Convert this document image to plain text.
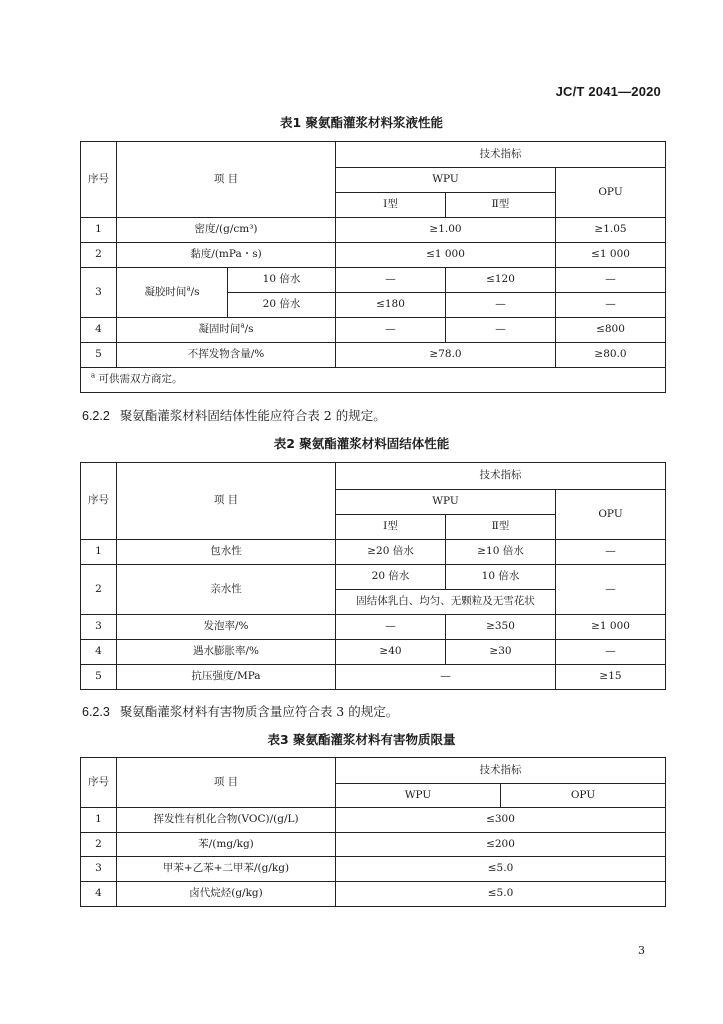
JC/T 2041—2020
表1 聚氨酯灌浆材料浆液性能
序号	项 目		技术指标		
			WPU		OPU
			Ⅰ型	Ⅱ型	
1	密度/(g/cm³)		≥1.00		≥1.05
2	黏度/(mPa・s)		≤1 000		≤1 000
3	凝胶时间$^a$/s	10 倍水	—	≤120	—
		20 倍水	≤180	—	—
4	凝固时间$^a$/s		—	—	≤800
5	不挥发物含量/%		≥78.0		≥80.0
$^a$ 可供需双方商定。					
6.2.2 聚氨酯灌浆材料固结体性能应符合表 2 的规定。
表2 聚氨酯灌浆材料固结体性能
序号	项 目	技术指标		
		WPU		OPU
		Ⅰ型	Ⅱ型	
1	包水性	≥20 倍水	≥10 倍水	—
2	亲水性	20 倍水	10 倍水	—
		固结体乳白、均匀、无颗粒及无雪花状		
3	发泡率/%	—	≥350	≥1 000
4	遇水膨胀率/%	≥40	≥30	—
5	抗压强度/MPa	—		≥15
6.2.3 聚氨酯灌浆材料有害物质含量应符合表 3 的规定。
表3 聚氨酯灌浆材料有害物质限量
序号	项 目	技术指标	
		WPU	OPU
1	挥发性有机化合物(VOC)/(g/L)	≤300	
2	苯/(mg/kg)	≤200	
3	甲苯+乙苯+二甲苯/(g/kg)	≤5.0	
4	卤代烷烃(g/kg)	≤5.0	
3
